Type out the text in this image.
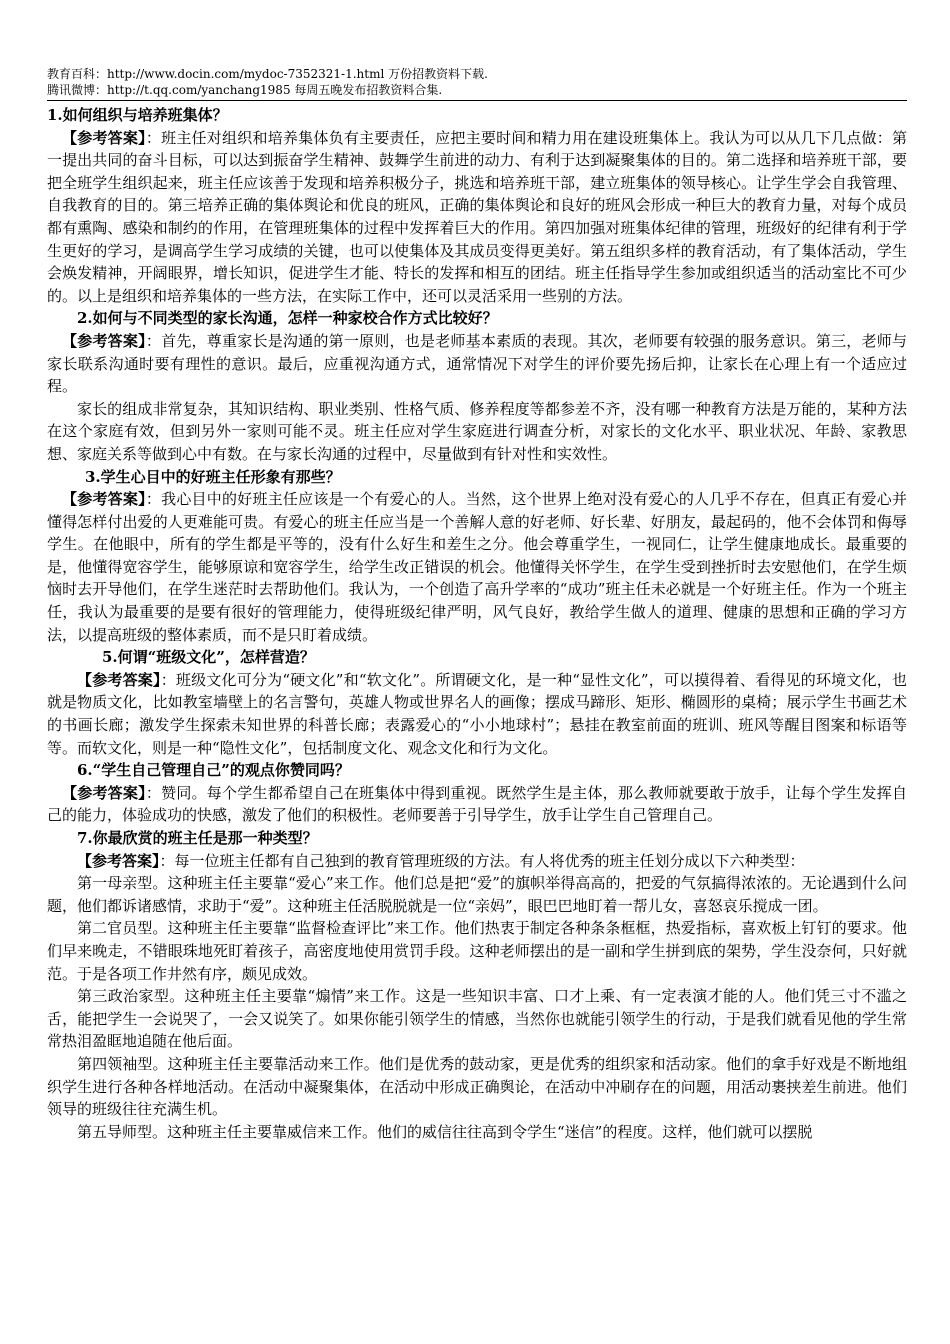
教育百科：http://www.docin.com/mydoc-7352321-1.html 万份招教资料下载.
腾讯微博：http://t.qq.com/yanchang1985 每周五晚发布招教资料合集.

1.如何组织与培养班集体？

【参考答案】：班主任对组织和培养集体负有主要责任，应把主要时间和精力用在建设班集体上。我认为可以从几下几点做：第一提出共同的奋斗目标，可以达到振奋学生精神、鼓舞学生前进的动力、有利于达到凝聚集体的目的。第二选择和培养班干部，要把全班学生组织起来，班主任应该善于发现和培养积极分子，挑选和培养班干部，建立班集体的领导核心。让学生学会自我管理、自我教育的目的。第三培养正确的集体舆论和优良的班风，正确的集体舆论和良好的班风会形成一种巨大的教育力量，对每个成员都有熏陶、感染和制约的作用，在管理班集体的过程中发挥着巨大的作用。第四加强对班集体纪律的管理，班级好的纪律有利于学生更好的学习，是调高学生学习成绩的关键，也可以使集体及其成员变得更美好。第五组织多样的教育活动，有了集体活动，学生会焕发精神，开阔眼界，增长知识，促进学生才能、特长的发挥和相互的团结。班主任指导学生参加或组织适当的活动室比不可少的。以上是组织和培养集体的一些方法，在实际工作中，还可以灵活采用一些别的方法。

2.如何与不同类型的家长沟通，怎样一种家校合作方式比较好？

【参考答案】：首先，尊重家长是沟通的第一原则，也是老师基本素质的表现。其次，老师要有较强的服务意识。第三，老师与家长联系沟通时要有理性的意识。最后，应重视沟通方式，通常情况下对学生的评价要先扬后抑，让家长在心理上有一个适应过程。

家长的组成非常复杂，其知识结构、职业类别、性格气质、修养程度等都参差不齐，没有哪一种教育方法是万能的，某种方法在这个家庭有效，但到另外一家则可能不灵。班主任应对学生家庭进行调查分析，对家长的文化水平、职业状况、年龄、家教思想、家庭关系等做到心中有数。在与家长沟通的过程中，尽量做到有针对性和实效性。

3.学生心目中的好班主任形象有那些？

【参考答案】：我心目中的好班主任应该是一个有爱心的人。当然，这个世界上绝对没有爱心的人几乎不存在，但真正有爱心并懂得怎样付出爱的人更难能可贵。有爱心的班主任应当是一个善解人意的好老师、好长辈、好朋友，最起码的，他不会体罚和侮辱学生。在他眼中，所有的学生都是平等的，没有什么好生和差生之分。他会尊重学生，一视同仁，让学生健康地成长。最重要的是，他懂得宽容学生，能够原谅和宽容学生，给学生改正错误的机会。他懂得关怀学生，在学生受到挫折时去安慰他们，在学生烦恼时去开导他们，在学生迷茫时去帮助他们。我认为，一个创造了高升学率的“成功”班主任未必就是一个好班主任。作为一个班主任，我认为最重要的是要有很好的管理能力，使得班级纪律严明，风气良好，教给学生做人的道理、健康的思想和正确的学习方法，以提高班级的整体素质，而不是只盯着成绩。

5.何谓“班级文化”，怎样营造？

【参考答案】：班级文化可分为“硬文化”和“软文化”。所谓硬文化，是一种“显性文化”，可以摸得着、看得见的环境文化，也就是物质文化，比如教室墙壁上的名言警句，英雄人物或世界名人的画像；摆成马蹄形、矩形、椭圆形的桌椅；展示学生书画艺术的书画长廊；激发学生探索未知世界的科普长廊；表露爱心的“小小地球村”；悬挂在教室前面的班训、班风等醒目图案和标语等等。而软文化，则是一种“隐性文化”，包括制度文化、观念文化和行为文化。

6.“学生自己管理自己”的观点你赞同吗？

【参考答案】：赞同。每个学生都希望自己在班集体中得到重视。既然学生是主体，那么教师就要敢于放手，让每个学生发挥自己的能力，体验成功的快感，激发了他们的积极性。老师要善于引导学生，放手让学生自己管理自己。

7.你最欣赏的班主任是那一种类型？

【参考答案】：每一位班主任都有自己独到的教育管理班级的方法。有人将优秀的班主任划分成以下六种类型：

第一母亲型。这种班主任主要靠“爱心”来工作。他们总是把“爱”的旗帜举得高高的，把爱的气氛搞得浓浓的。无论遇到什么问题，他们都诉诸感情，求助于“爱”。这种班主任活脱脱就是一位“亲妈”，眼巴巴地盯着一帮儿女，喜怒哀乐搅成一团。

第二官员型。这种班主任主要靠“监督检查评比”来工作。他们热衷于制定各种条条框框，热爱指标，喜欢板上钉钉的要求。他们早来晚走，不错眼珠地死盯着孩子，高密度地使用赏罚手段。这种老师摆出的是一副和学生拼到底的架势，学生没奈何，只好就范。于是各项工作井然有序，颇见成效。

第三政治家型。这种班主任主要靠“煽情”来工作。这是一些知识丰富、口才上乘、有一定表演才能的人。他们凭三寸不滥之舌，能把学生一会说哭了，一会又说笑了。如果你能引领学生的情感，当然你也就能引领学生的行动，于是我们就看见他的学生常常热泪盈眶地追随在他后面。

第四领袖型。这种班主任主要靠活动来工作。他们是优秀的鼓动家，更是优秀的组织家和活动家。他们的拿手好戏是不断地组织学生进行各种各样地活动。在活动中凝聚集体，在活动中形成正确舆论，在活动中冲刷存在的问题，用活动裹挟差生前进。他们领导的班级往往充满生机。

第五导师型。这种班主任主要靠威信来工作。他们的威信往往高到令学生“迷信”的程度。这样，他们就可以摆脱
